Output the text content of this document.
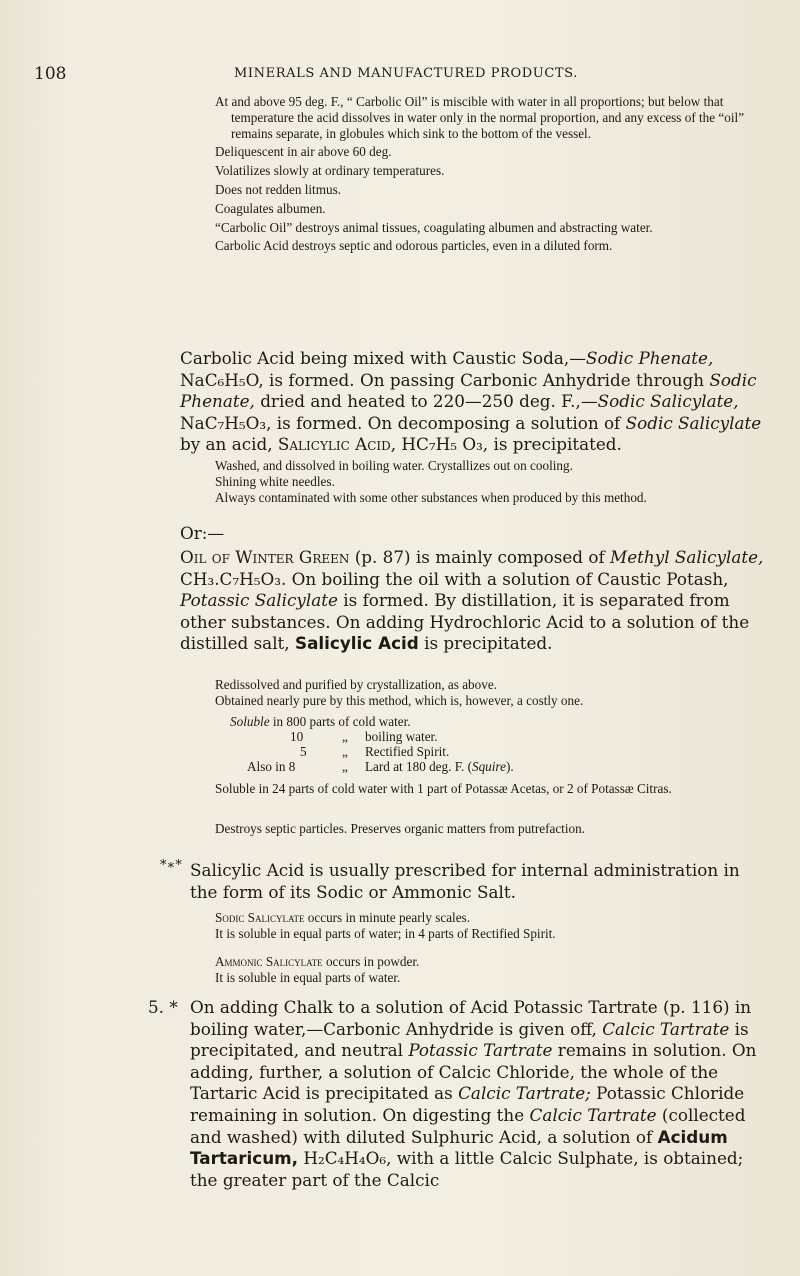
108	MINERALS AND MANUFACTURED PRODUCTS.

At and above 95 deg. F., “ Carbolic Oil” is miscible with water in all proportions; but below that temperature the acid dissolves in water only in the normal proportion, and any excess of the “oil” remains separate, in globules which sink to the bottom of the vessel.

Deliquescent in air above 60 deg.

Volatilizes slowly at ordinary temperatures.

Does not redden litmus.

Coagulates albumen.

“Carbolic Oil” destroys animal tissues, coagulating albumen and abstracting water.

Carbolic Acid destroys septic and odorous particles, even in a diluted form.

Carbolic Acid being mixed with Caustic Soda,—Sodic Phenate, NaC₆H₅O, is formed. On passing Carbonic Anhydride through Sodic Phenate, dried and heated to 220—250 deg. F.,—Sodic Salicylate, NaC₇H₅O₃, is formed. On decomposing a solution of Sodic Salicylate by an acid, Salicylic Acid, HC₇H₅ O₃, is precipitated.

Washed, and dissolved in boiling water. Crystallizes out on cooling.

Shining white needles.

Always contaminated with some other substances when produced by this method.

Or:—

Oil of Winter Green (p. 87) is mainly composed of Methyl Salicylate, CH₃.C₇H₅O₃. On boiling the oil with a solution of Caustic Potash, Potassic Salicylate is formed. By distillation, it is separated from other substances. On adding Hydrochloric Acid to a solution of the distilled salt, Salicylic Acid is precipitated.

Redissolved and purified by crystallization, as above.

Obtained nearly pure by this method, which is, however, a costly one.

Soluble in 800 parts of cold water.
10	„ boiling water.
5	„ Rectified Spirit.
Also in 8	„ Lard at 180 deg. F. (Squire).

Soluble in 24 parts of cold water with 1 part of Potassæ Acetas, or 2 of Potassæ Citras.

Destroys septic particles. Preserves organic matters from putrefaction.

*∗* Salicylic Acid is usually prescribed for internal administration in the form of its Sodic or Ammonic Salt.

Sodic Salicylate occurs in minute pearly scales.

It is soluble in equal parts of water; in 4 parts of Rectified Spirit.

Ammonic Salicylate occurs in powder.

It is soluble in equal parts of water.

5. * On adding Chalk to a solution of Acid Potassic Tartrate (p. 116) in boiling water,—Carbonic Anhydride is given off, Calcic Tartrate is precipitated, and neutral Potassic Tartrate remains in solution. On adding, further, a solution of Calcic Chloride, the whole of the Tartaric Acid is precipitated as Calcic Tartrate; Potassic Chloride remaining in solution. On digesting the Calcic Tartrate (collected and washed) with diluted Sulphuric Acid, a solution of Acidum Tartaricum, H₂C₄H₄O₆, with a little Calcic Sulphate, is obtained; the greater part of the Calcic
